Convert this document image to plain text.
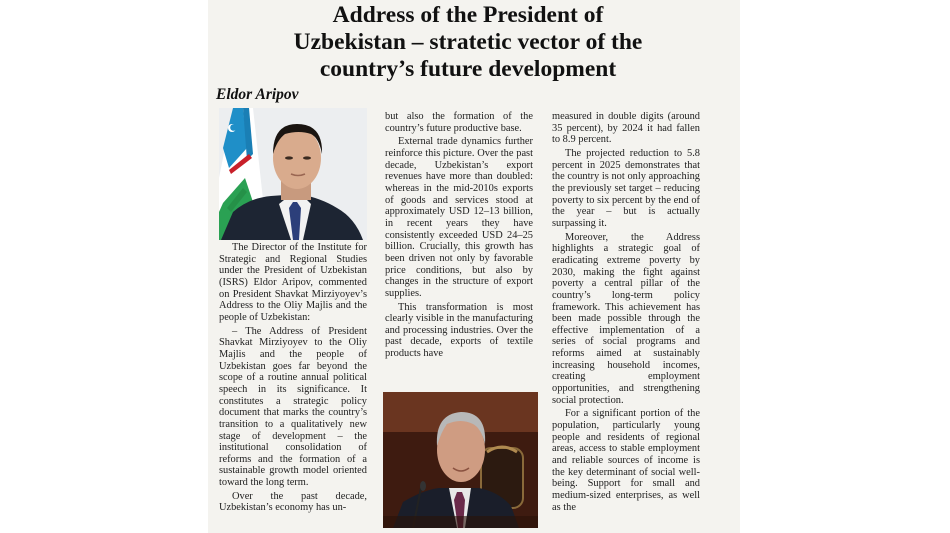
Address of the President of
Uzbekistan – stratetic vector of the
country’s future development
Eldor Aripov

The Director of the Institute for Strategic and Regional Studies under the President of Uzbekistan (ISRS) Eldor Aripov, commented on President Shavkat Mirziyoyev’s Address to the Oliy Majlis and the people of Uzbekistan:

– The Address of President Shavkat Mirziyoyev to the Oliy Majlis and the people of Uzbekistan goes far beyond the scope of a routine annual political speech in its significance. It constitutes a strategic policy document that marks the country’s transition to a qualitatively new stage of development – the institutional consolidation of reforms and the formation of a sustainable growth model oriented toward the long term.

Over the past decade, Uzbekistan’s economy has un-

but also the formation of the country’s future productive base.

External trade dynamics further reinforce this picture. Over the past decade, Uzbekistan’s export revenues have more than doubled: whereas in the mid-2010s exports of goods and services stood at approximately USD 12–13 billion, in recent years they have consistently exceeded USD 24–25 billion. Crucially, this growth has been driven not only by favorable price conditions, but also by changes in the structure of export supplies.

This transformation is most clearly visible in the manufacturing and processing industries. Over the past decade, exports of textile products have

measured in double digits (around 35 percent), by 2024 it had fallen to 8.9 percent.

The projected reduction to 5.8 percent in 2025 demonstrates that the country is not only approaching the previously set target – reducing poverty to six percent by the end of the year – but is actually surpassing it.

Moreover, the Address highlights a strategic goal of eradicating extreme poverty by 2030, making the fight against poverty a central pillar of the country’s long-term policy framework. This achievement has been made possible through the effective implementation of a series of social programs and reforms aimed at sustainably increasing household incomes, creating employment opportunities, and strengthening social protection.

For a significant portion of the population, particularly young people and residents of regional areas, access to stable employment and reliable sources of income is the key determinant of social well-being. Support for small and medium-sized enterprises, as well as the
